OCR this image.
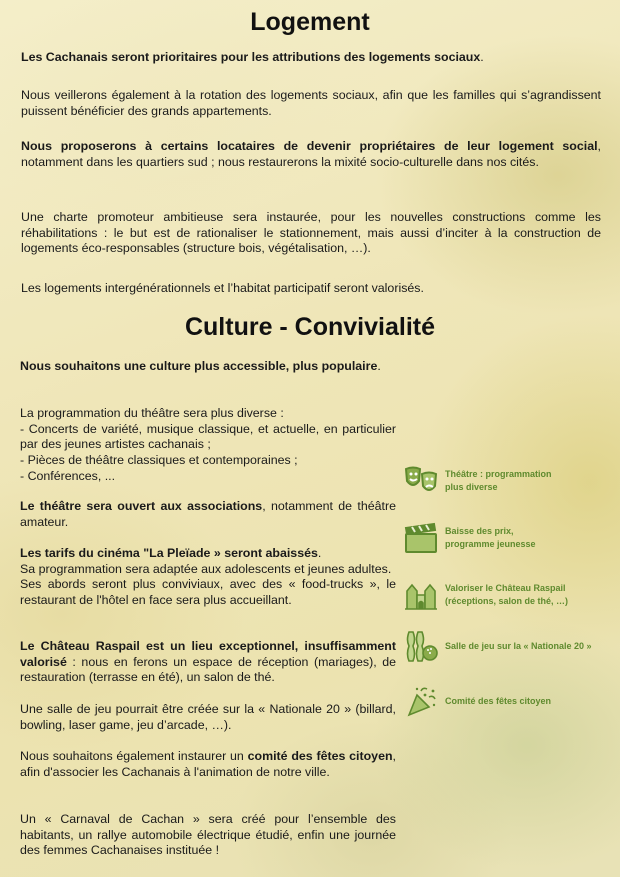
Logement

Les Cachanais seront prioritaires pour les attributions des logements sociaux.

Nous veillerons également à la rotation des logements sociaux, afin que les familles qui s’agrandissent puissent bénéficier des grands appartements.

Nous proposerons à certains locataires de devenir propriétaires de leur logement social, notamment dans les quartiers sud ; nous restaurerons la mixité socio-culturelle dans nos cités.

Une charte promoteur ambitieuse sera instaurée, pour les nouvelles constructions comme les réhabilitations : le but est de rationaliser le stationnement, mais aussi d’inciter à la construction de logements éco-responsables (structure bois, végétalisation, …).

Les logements intergénérationnels et l’habitat participatif seront valorisés.

Culture - Convivialité

Nous souhaitons une culture plus accessible, plus populaire.

La programmation du théâtre sera plus diverse :
- Concerts de variété, musique classique, et actuelle, en particulier par des jeunes artistes cachanais ;
- Pièces de théâtre classiques et contemporaines ;
- Conférences, ...

Le théâtre sera ouvert aux associations, notamment de théâtre amateur.

Les tarifs du cinéma "La Pleïade » seront abaissés.
Sa programmation sera adaptée aux adolescents et jeunes adultes.
Ses abords seront plus conviviaux, avec des « food-trucks », le restaurant de l'hôtel en face sera plus accueillant.

Le Château Raspail est un lieu exceptionnel, insuffisamment valorisé : nous en ferons un espace de réception (mariages), de restauration (terrasse en été), un salon de thé.

Une salle de jeu pourrait être créée sur la « Nationale 20 » (billard, bowling, laser game, jeu d’arcade, …).

Nous souhaitons également instaurer un comité des fêtes citoyen, afin d'associer les Cachanais à l'animation de notre ville.

Un « Carnaval de Cachan » sera créé pour l’ensemble des habitants, un rallye automobile électrique étudié, enfin une journée des femmes Cachanaises instituée !

Théâtre : programmation
plus diverse
Baisse des prix,
programme jeunesse
Valoriser le Château Raspail
(réceptions, salon de thé, …)
Salle de jeu sur la « Nationale 20 »
Comité des fêtes citoyen
